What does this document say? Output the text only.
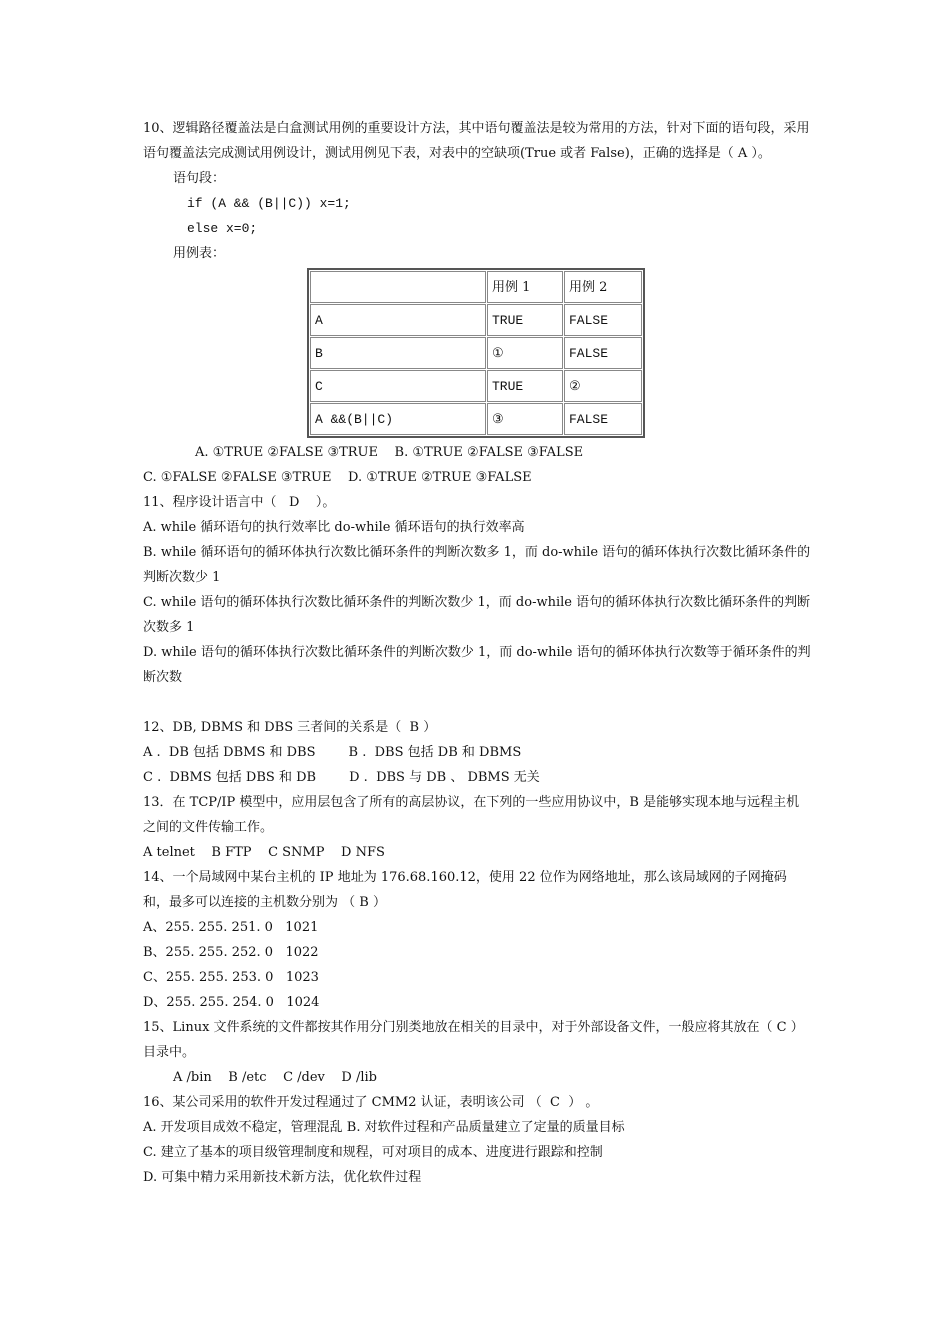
10、逻辑路径覆盖法是白盒测试用例的重要设计方法，其中语句覆盖法是较为常用的方法，针对下面的语句段，采用语句覆盖法完成测试用例设计，测试用例见下表，对表中的空缺项(True 或者 False)，正确的选择是（ A ）。
语句段：
if (A && (B||C)) x=1;
else x=0;
用例表：
	用例 1	用例 2
A	TRUE	FALSE
B	①	FALSE
C	TRUE	②
A &&(B||C)	③	FALSE
A. ①TRUE ②FALSE ③TRUE    B. ①TRUE ②FALSE ③FALSE
C. ①FALSE ②FALSE ③TRUE    D. ①TRUE ②TRUE ③FALSE
11、程序设计语言中（   D    ）。
A. while 循环语句的执行效率比 do-while 循环语句的执行效率高
B. while 循环语句的循环体执行次数比循环条件的判断次数多 1，而 do-while 语句的循环体执行次数比循环条件的判断次数少 1
C. while 语句的循环体执行次数比循环条件的判断次数少 1，而 do-while 语句的循环体执行次数比循环条件的判断次数多 1
D. while 语句的循环体执行次数比循环条件的判断次数少 1，而 do-while 语句的循环体执行次数等于循环条件的判断次数
12、DB, DBMS 和 DBS 三者间的关系是（  B ）
A .  DB 包括 DBMS 和 DBS        B .  DBS 包括 DB 和 DBMS
C .  DBMS 包括 DBS 和 DB        D .  DBS 与 DB 、 DBMS 无关
13．在 TCP/IP 模型中，应用层包含了所有的高层协议，在下列的一些应用协议中，B 是能够实现本地与远程主机之间的文件传输工作。
A telnet    B FTP    C SNMP    D NFS
14、一个局域网中某台主机的 IP 地址为 176.68.160.12，使用 22 位作为网络地址，那么该局域网的子网掩码和，最多可以连接的主机数分别为 （ B ）
A、255. 255. 251. 0   1021
B、255. 255. 252. 0   1022
C、255. 255. 253. 0   1023
D、255. 255. 254. 0   1024
15、Linux 文件系统的文件都按其作用分门别类地放在相关的目录中，对于外部设备文件，一般应将其放在（ C ）目录中。
A /bin    B /etc    C /dev    D /lib
16、某公司采用的软件开发过程通过了 CMM2 认证，表明该公司 （  C  ） 。
A. 开发项目成效不稳定，管理混乱 B. 对软件过程和产品质量建立了定量的质量目标
C. 建立了基本的项目级管理制度和规程，可对项目的成本、进度进行跟踪和控制
D. 可集中精力采用新技术新方法，优化软件过程
